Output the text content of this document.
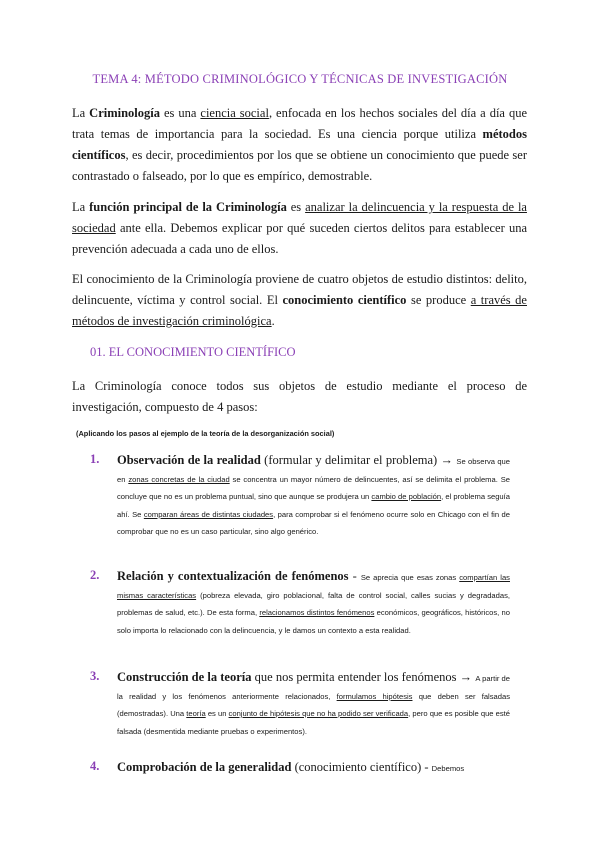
TEMA 4: MÉTODO CRIMINOLÓGICO Y TÉCNICAS DE INVESTIGACIÓN

La Criminología es una ciencia social, enfocada en los hechos sociales del día a día que trata temas de importancia para la sociedad. Es una ciencia porque utiliza métodos científicos, es decir, procedimientos por los que se obtiene un conocimiento que puede ser contrastado o falseado, por lo que es empírico, demostrable.

La función principal de la Criminología es analizar la delincuencia y la respuesta de la sociedad ante ella. Debemos explicar por qué suceden ciertos delitos para establecer una prevención adecuada a cada uno de ellos.

El conocimiento de la Criminología proviene de cuatro objetos de estudio distintos: delito, delincuente, víctima y control social. El conocimiento científico se produce a través de métodos de investigación criminológica.

01. EL CONOCIMIENTO CIENTÍFICO

La Criminología conoce todos sus objetos de estudio mediante el proceso de investigación, compuesto de 4 pasos:

(Aplicando los pasos al ejemplo de la teoría de la desorganización social)

1. Observación de la realidad (formular y delimitar el problema) → Se observa que en zonas concretas de la ciudad se concentra un mayor número de delincuentes, así se delimita el problema. Se concluye que no es un problema puntual, sino que aunque se produjera un cambio de población, el problema seguía ahí. Se comparan áreas de distintas ciudades, para comprobar si el fenómeno ocurre solo en Chicago con el fin de comprobar que no es un caso particular, sino algo genérico.
2. Relación y contextualización de fenómenos - Se aprecia que esas zonas compartían las mismas características (pobreza elevada, giro poblacional, falta de control social, calles sucias y degradadas, problemas de salud, etc.). De esta forma, relacionamos distintos fenómenos económicos, geográficos, históricos, no solo importa lo relacionado con la delincuencia, y le damos un contexto a esta realidad.
3. Construcción de la teoría que nos permita entender los fenómenos → A partir de la realidad y los fenómenos anteriormente relacionados, formulamos hipótesis que deben ser falsadas (demostradas). Una teoría es un conjunto de hipótesis que no ha podido ser verificada, pero que es posible que esté falsada (desmentida mediante pruebas o experimentos).
4. Comprobación de la generalidad (conocimiento científico) - Debemos
